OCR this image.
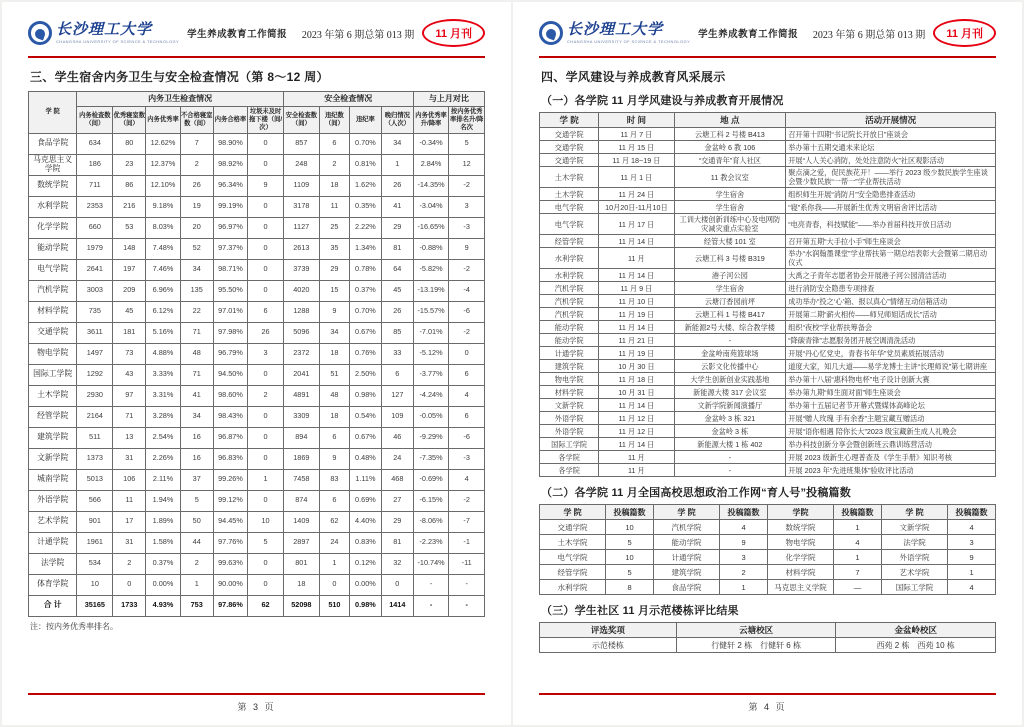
长沙理工大学
CHANGSHA UNIVERSITY OF SCIENCE & TECHNOLOGY
学生养成教育工作简报 2023 年第 6 期总第 013 期	11 月刊
三、学生宿舍内务卫生与安全检查情况（第 8～12 周）
学 院	内务卫生检查情况						安全检查情况				与上月对比	
	内务检查数（间）	优秀寝室数（间）	内务优秀率	不合格寝室数（间）	内务合格率	垃圾未及时拖下楼（间/次）	安全检查数（间）	违纪数（间）	违纪率	晚归情况（人次）	内务优秀率升/降率	按内务优秀率排名升/降名次
食品学院	634	80	12.62%	7	98.90%	0	857	6	0.70%	34	-0.34%	5
马克思主义学院	186	23	12.37%	2	98.92%	0	248	2	0.81%	1	2.84%	12
数统学院	711	86	12.10%	26	96.34%	9	1109	18	1.62%	26	-14.35%	-2
水利学院	2353	216	9.18%	19	99.19%	0	3178	11	0.35%	41	-3.04%	3
化学学院	660	53	8.03%	20	96.97%	0	1127	25	2.22%	29	-16.65%	-3
能动学院	1979	148	7.48%	52	97.37%	0	2613	35	1.34%	81	-0.88%	9
电气学院	2641	197	7.46%	34	98.71%	0	3739	29	0.78%	64	-5.82%	-2
汽机学院	3003	209	6.96%	135	95.50%	0	4020	15	0.37%	45	-13.19%	-4
材料学院	735	45	6.12%	22	97.01%	6	1288	9	0.70%	26	-15.57%	-6
交通学院	3611	181	5.16%	71	97.98%	26	5096	34	0.67%	85	-7.01%	-2
物电学院	1497	73	4.88%	48	96.79%	3	2372	18	0.76%	33	-5.12%	0
国际工学院	1292	43	3.33%	71	94.50%	0	2041	51	2.50%	6	-3.77%	6
土木学院	2930	97	3.31%	41	98.60%	2	4891	48	0.98%	127	-4.24%	4
经管学院	2164	71	3.28%	34	98.43%	0	3309	18	0.54%	109	-0.05%	6
建筑学院	511	13	2.54%	16	96.87%	0	894	6	0.67%	46	-9.29%	-6
文新学院	1373	31	2.26%	16	96.83%	0	1869	9	0.48%	24	-7.35%	-3
城南学院	5013	106	2.11%	37	99.26%	1	7458	83	1.11%	468	-0.69%	4
外语学院	566	11	1.94%	5	99.12%	0	874	6	0.69%	27	-6.15%	-2
艺术学院	901	17	1.89%	50	94.45%	10	1409	62	4.40%	29	-8.06%	-7
计通学院	1961	31	1.58%	44	97.76%	5	2897	24	0.83%	81	-2.23%	-1
法学院	534	2	0.37%	2	99.63%	0	801	1	0.12%	32	-10.74%	-11
体育学院	10	0	0.00%	1	90.00%	0	18	0	0.00%	0	-	-
合 计	35165	1733	4.93%	753	97.86%	62	52098	510	0.98%	1414	-	-
注：按内务优秀率排名。
第 3 页
长沙理工大学
CHANGSHA UNIVERSITY OF SCIENCE & TECHNOLOGY
学生养成教育工作简报 2023 年第 6 期总第 013 期	11 月刊
四、学风建设与养成教育风采展示
（一）各学院 11 月学风建设与养成教育开展情况
学 院	时 间	地 点	活动开展情况
交通学院	11 月 7 日	云塘工科 2 号楼 B413	召开第十四期“书记院长开放日”座谈会
交通学院	11 月 15 日	金盆岭 6 教 106	举办第十五期交通未来论坛
交通学院	11 月 18~19 日	“交通青年”育人社区	开展“人人关心消防，处处注意防火”社区观影活动
土木学院	11 月 1 日	11 教会议室	聚点滴之爱，促民族花开！——举行 2023 级少数民族学生座谈会暨少数民族“一帮一”学业帮扶活动
土木学院	11 月 24 日	学生宿舍	组织师生开展“消防月”安全隐患排查活动
电气学院	10月20日-11月10日	学生宿舍	“寝”系你我——开展新生优秀文明宿舍评比活动
电气学院	11 月 17 日	工训大楼创新训练中心及电网防灾减灾重点实验室	“电亮青春，科技赋能”——举办首届科技开放日活动
经管学院	11 月 14 日	经管大楼 101 室	召开第五期“大手拉小手”师生座谈会
水利学院	11 月	云塘工科 3 号楼 B319	举办“水润翰墨课堂”学业帮扶第一期总结表彰大会暨第二期启动仪式
水利学院	11 月 14 日	港子河公园	大禹之子青年志愿者协会开展港子河公园清洁活动
汽机学院	11 月 9 日	学生宿舍	进行消防安全隐患专项排查
汽机学院	11 月 10 日	云塘汀香园前坪	成功举办“投之‘心’箱、报以真心”情绪互动信箱活动
汽机学院	11 月 19 日	云塘工科 1 号楼 B417	开展第二期“薪火相传——师兄师姐话成长”活动
能动学院	11 月 14 日	新能源2号大楼、综合教学楼	组织“夜校”学业帮扶筹备会
能动学院	11 月 21 日	-	“降碳青锋”志愿服务团开展空调清洗活动
计通学院	11 月 19 日	金盆岭南苑篮球场	开展“丹心忆党史，青春书年华”党员素质拓展活动
建筑学院	10 月 30 日	云影文化传播中心	道度大家，知几大道——易学龙博士主讲“长理师说”第七期讲座
物电学院	11 月 18 日	大学生创新创业实践基地	举办第十八届“惠科物电杯”电子设计创新大赛
材料学院	10 月 31 日	新能源大楼 317 会议室	举办第九期“师生面对面”师生座谈会
文新学院	11 月 14 日	文新学院新闻演播厅	举办第十五届记者节开幕式暨媒体高峰论坛
外语学院	11 月 12 日	金盆岭 3 栋 321	开展“赠人玫瑰 手有余香”主题宝藏互赠活动
外语学院	11 月 12 日	金盆岭 3 栋	开展“语你相遇 陪你长大”2023 级宝藏新生成人礼晚会
国际工学院	11 月 14 日	新能源大楼 1 栋 402	举办科技创新分享会暨创新班云鼎训练营活动
各学院	11 月	-	开展 2023 级新生心理普查及《学生手册》知识考核
各学院	11 月	-	开展 2023 年“先进班集体”验收评比活动
（二）各学院 11 月全国高校思想政治工作网“育人号”投稿篇数
学 院	投稿篇数	学 院	投稿篇数	学院	投稿篇数	学 院	投稿篇数
交通学院	10	汽机学院	4	数统学院	1	文新学院	4
土木学院	5	能动学院	9	物电学院	4	法学院	3
电气学院	10	计通学院	3	化学学院	1	外语学院	9
经管学院	5	建筑学院	2	材料学院	7	艺术学院	1
水利学院	8	食品学院	1	马克思主义学院	—	国际工学院	4
（三）学生社区 11 月示范楼栋评比结果
评选奖项	云塘校区	金盆岭校区
示范楼栋	行健轩 2 栋　行健轩 6 栋	西苑 2 栋　西苑 10 栋
第 4 页
